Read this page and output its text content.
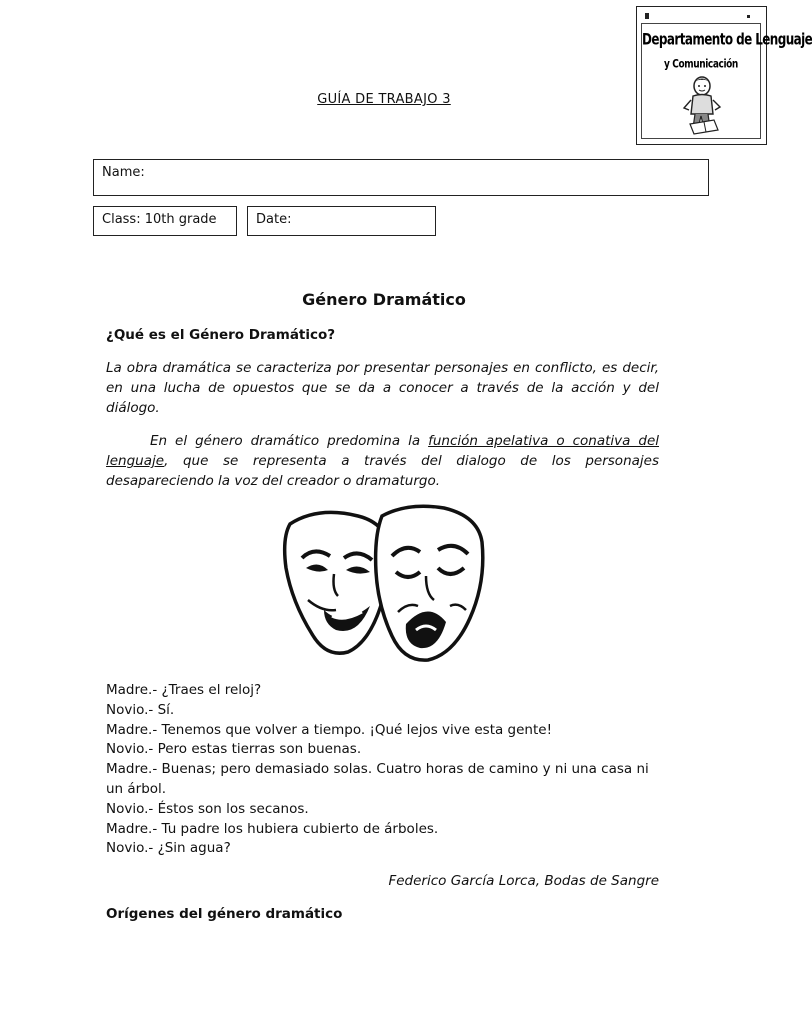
Departamento de Lenguaje
y Comunicación
GUÍA DE TRABAJO 3
Name:
Class: 10th grade	Date:
Género Dramático
¿Qué es el Género Dramático?
La obra dramática se caracteriza por presentar personajes en conflicto, es decir, en una lucha de opuestos que se da a conocer a través de la acción y del diálogo.
En el género dramático predomina la función apelativa o conativa del lenguaje, que se representa a través del dialogo de los personajes desapareciendo la voz del creador o dramaturgo.
Madre.- ¿Traes el reloj?
Novio.- Sí.
Madre.- Tenemos que volver a tiempo. ¡Qué lejos vive esta gente!
Novio.- Pero estas tierras son buenas.
Madre.- Buenas; pero demasiado solas. Cuatro horas de camino y ni una casa ni un árbol.
Novio.- Éstos son los secanos.
Madre.- Tu padre los hubiera cubierto de árboles.
Novio.- ¿Sin agua?
Federico García Lorca, Bodas de Sangre
Orígenes del género dramático
